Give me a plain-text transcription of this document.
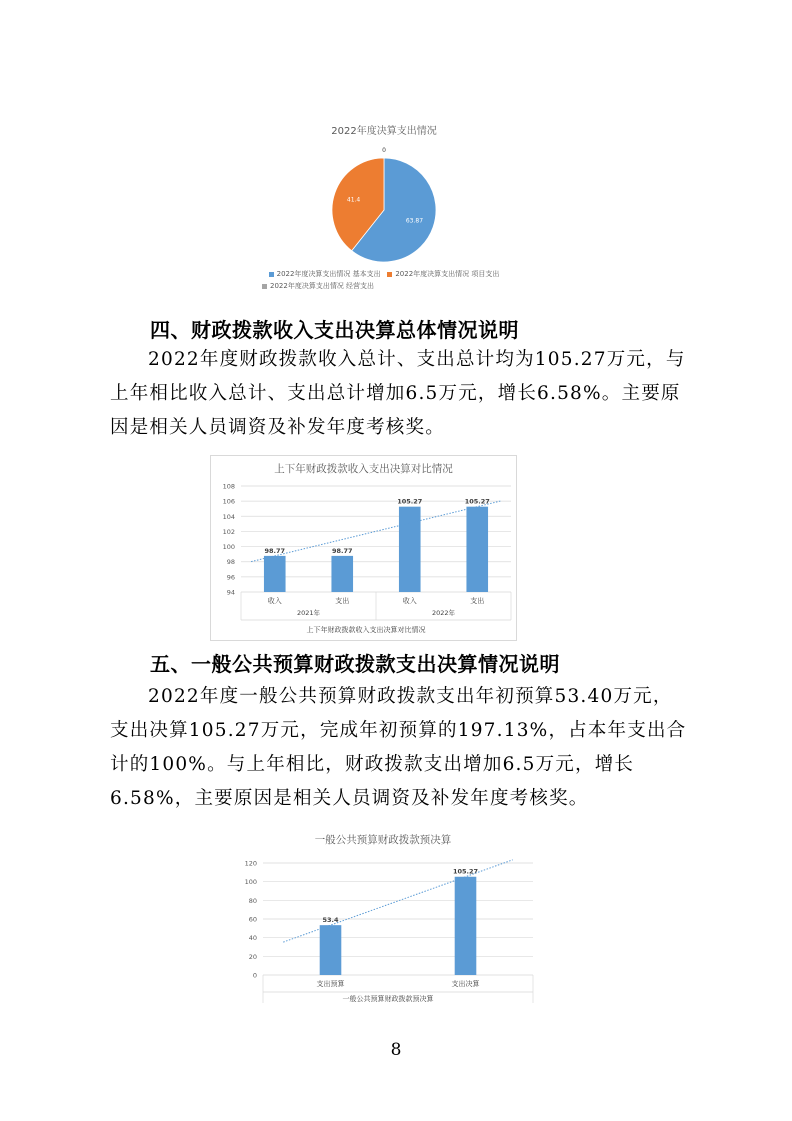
2022年度决算支出情况
63.87
41.4
0
2022年度决算支出情况 基本支出 2022年度决算支出情况 项目支出
2022年度决算支出情况 经营支出
四、财政拨款收入支出决算总体情况说明

2022年度财政拨款收入总计、支出总计均为105.27万元，与上年相比收入总计、支出总计增加6.5万元，增长6.58%。主要原因是相关人员调资及补发年度考核奖。

上下年财政拨款收入支出决算对比情况
94
96
98
100
102
104
106
108
98.77
收入
98.77
支出
105.27
收入
105.27
支出
2021年	2022年
上下年财政拨款收入支出决算对比情况
五、一般公共预算财政拨款支出决算情况说明

2022年度一般公共预算财政拨款支出年初预算53.40万元，支出决算105.27万元，完成年初预算的197.13%，占本年支出合计的100%。与上年相比，财政拨款支出增加6.5万元，增长6.58%，主要原因是相关人员调资及补发年度考核奖。

一般公共预算财政拨款预决算
0
20
40
60
80
100
120
53.4
支出预算
105.27
支出决算
一般公共预算财政拨款预决算
8
